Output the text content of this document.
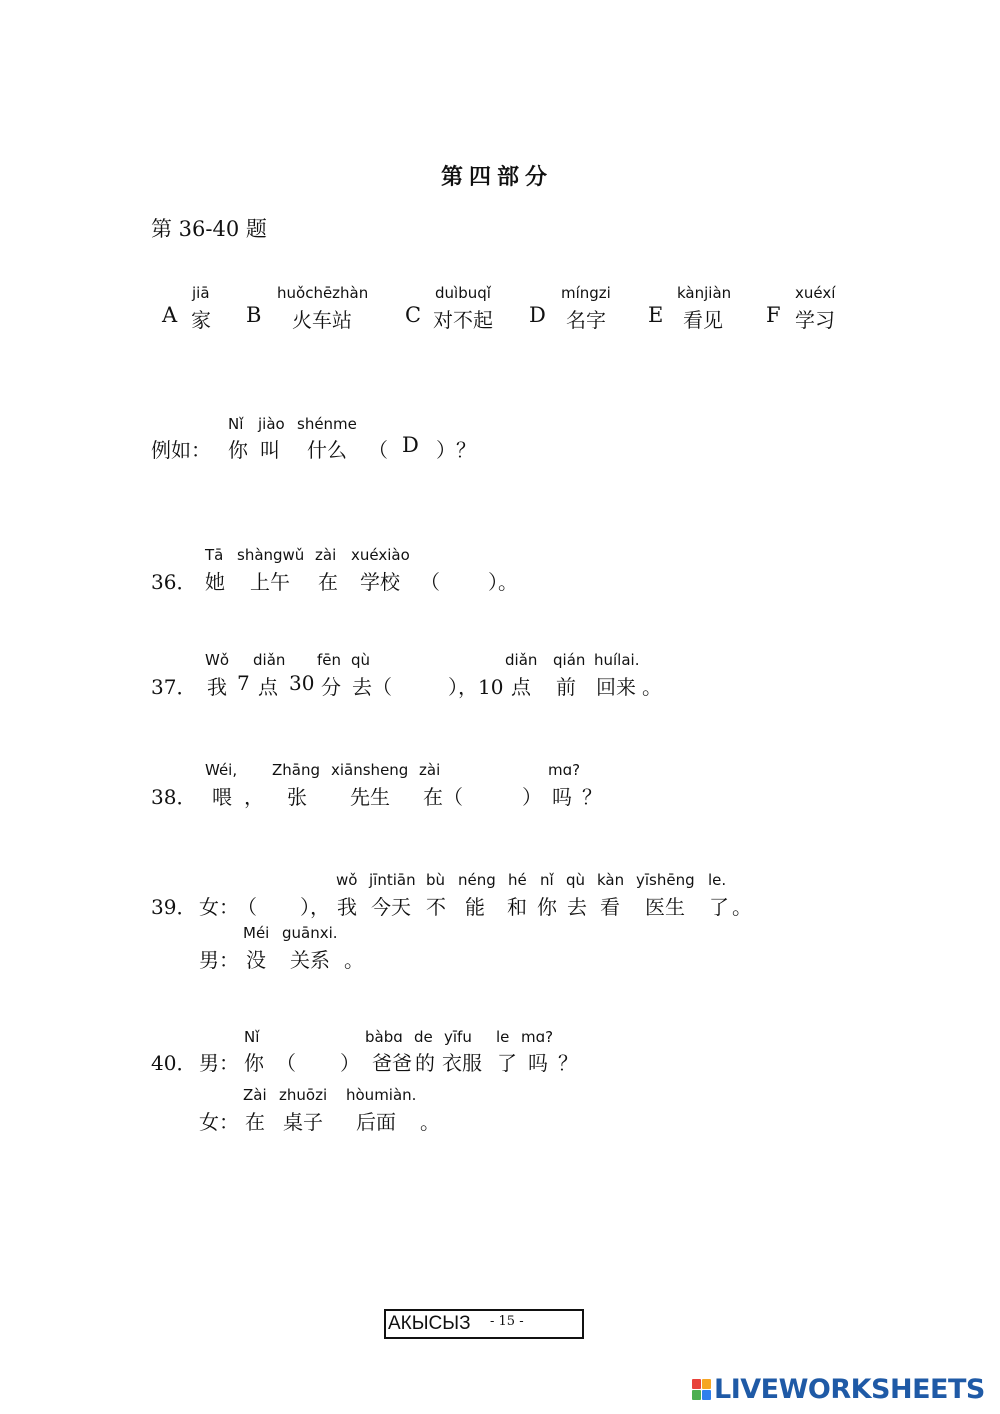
第四部分
第 36-40 题
jiā
A 家
huǒchēzhàn
B 火车站
duìbuqǐ
C 对不起
míngzi
D 名字
kànjiàn
E 看见
xuéxí
F 学习
Nǐ jiào shénme
例如： 你 叫 什么 （ D ）？
Tā shàngwǔ zài xuéxiào
36． 她 上午 在 学校 （ ）。
Wǒ diǎn fēn qù	diǎn qián huílai.
37． 我 7 点 30 分 去（	），10 点 前 回来 。
Wéi, Zhāng xiānsheng zài	mɑ?
38． 喂 ， 张 先生 在（	） 吗 ？
wǒ jīntiān bù néng hé nǐ qù kàn yīshēng le.
39． 女：
（ ）， 我 今天 不 能 和 你 去 看 医生 了 。
Méi guānxi.
男： 没 关系 。
Nǐ	bàbɑ de yīfu le mɑ?
40． 男： 你 （ ） 爸爸 的 衣服 了 吗 ？
Zài zhuōzi hòumiàn.
女： 在 桌子 后面 。
АКЫСЫЗ
- 15 -
LIVEWORKSHEETS
